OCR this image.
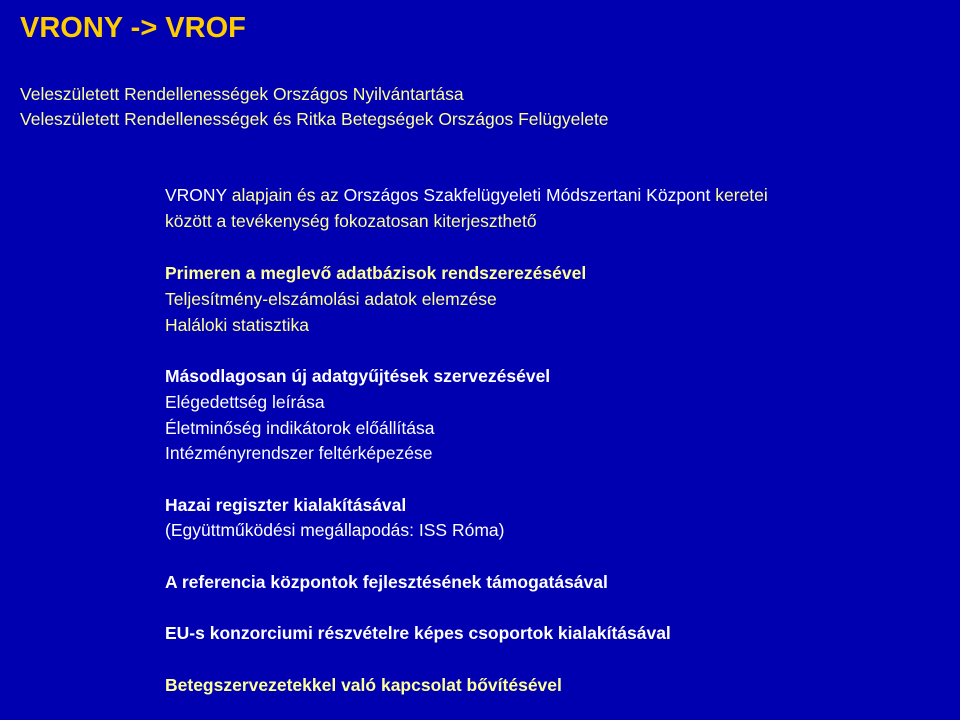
VRONY -> VROF
Veleszületett Rendellenességek Országos Nyilvántartása
Veleszületett Rendellenességek és Ritka Betegségek Országos Felügyelete
VRONY alapjain és az Országos Szakfelügyeleti Módszertani Központ keretei
között a tevékenység fokozatosan kiterjeszthető
Primeren a meglevő adatbázisok rendszerezésével
Teljesítmény-elszámolási adatok elemzése
Haláloki statisztika
Másodlagosan új adatgyűjtések szervezésével
Elégedettség leírása
Életminőség indikátorok előállítása
Intézményrendszer feltérképezése
Hazai regiszter kialakításával
(Együttműködési megállapodás: ISS Róma)
A referencia központok fejlesztésének támogatásával
EU-s konzorciumi részvételre képes csoportok kialakításával
Betegszervezetekkel való kapcsolat bővítésével
